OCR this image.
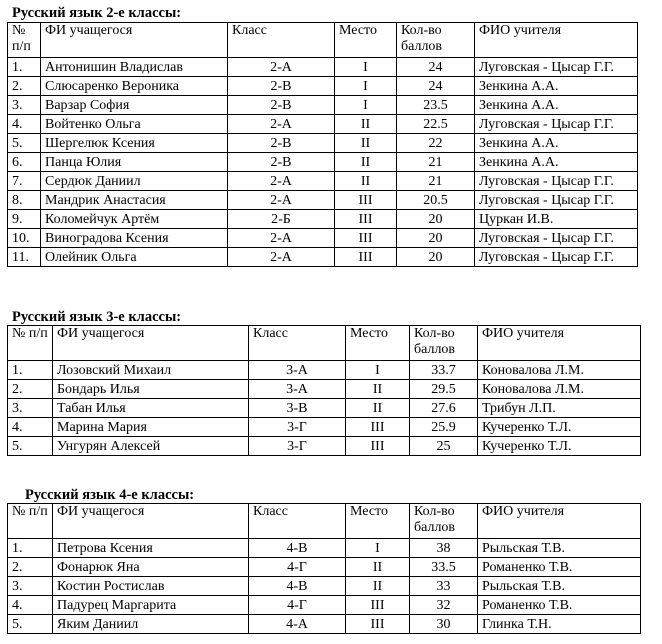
Русский язык 2-е классы:
№ п/п	ФИ учащегося	Класс	Место	Кол-во баллов	ФИО учителя
1.	Антонишин Владислав	2-А	I	24	Луговская - Цысар Г.Г.
2.	Слюсаренко Вероника	2-В	I	24	Зенкина А.А.
3.	Варзар София	2-В	I	23.5	Зенкина А.А.
4.	Войтенко Ольга	2-А	II	22.5	Луговская - Цысар Г.Г.
5.	Шергелюк Ксения	2-В	II	22	Зенкина А.А.
6.	Панца Юлия	2-В	II	21	Зенкина А.А.
7.	Сердюк Даниил	2-А	II	21	Луговская - Цысар Г.Г.
8.	Мандрик Анастасия	2-А	III	20.5	Луговская - Цысар Г.Г.
9.	Коломейчук Артём	2-Б	III	20	Цуркан И.В.
10.	Виноградова Ксения	2-А	III	20	Луговская - Цысар Г.Г.
11.	Олейник Ольга	2-А	III	20	Луговская - Цысар Г.Г.
Русский язык 3-е классы:
№ п/п	ФИ учащегося	Класс	Место	Кол-во баллов	ФИО учителя
1.	Лозовский Михаил	3-А	I	33.7	Коновалова Л.М.
2.	Бондарь Илья	3-А	II	29.5	Коновалова Л.М.
3.	Табан Илья	3-В	II	27.6	Трибун Л.П.
4.	Марина Мария	3-Г	III	25.9	Кучеренко Т.Л.
5.	Унгурян Алексей	3-Г	III	25	Кучеренко Т.Л.
Русский язык 4-е классы:
№ п/п	ФИ учащегося	Класс	Место	Кол-во баллов	ФИО учителя
1.	Петрова Ксения	4-В	I	38	Рыльская Т.В.
2.	Фонарюк Яна	4-Г	II	33.5	Романенко Т.В.
3.	Костин Ростислав	4-В	II	33	Рыльская Т.В.
4.	Падурец Маргарита	4-Г	III	32	Романенко Т.В.
5.	Яким Даниил	4-А	III	30	Глинка Т.Н.
